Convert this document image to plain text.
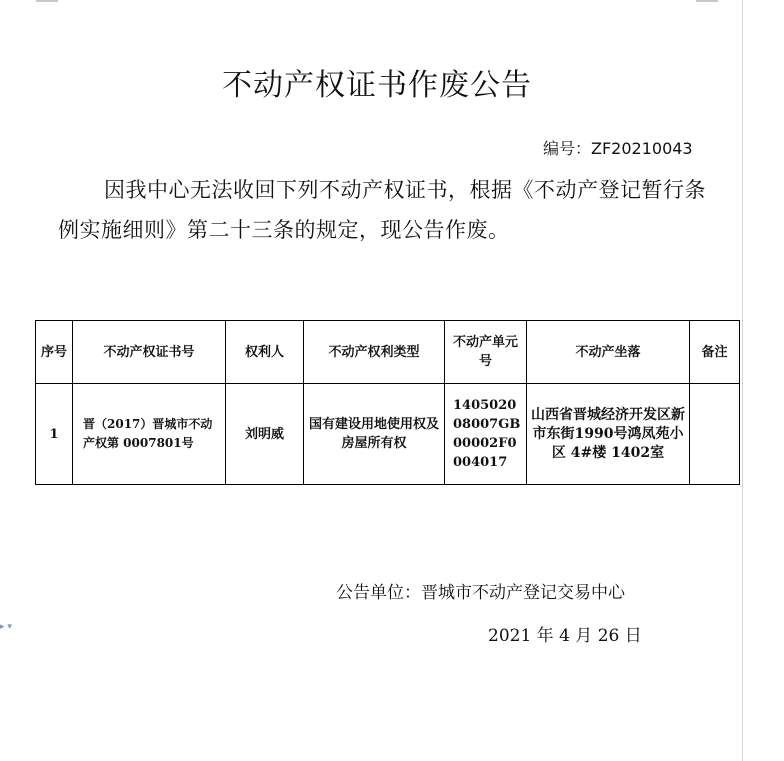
▸ ▾
不动产权证书作废公告
编号：ZF20210043

因我中心无法收回下列不动产权证书，根据《不动产登记暂行条例实施细则》第二十三条的规定，现公告作废。

序号	不动产权证书号	权利人	不动产权利类型	不动产单元号	不动产坐落	备注
1	晋（2017）晋城市不动产权第 0007801号	刘明威	国有建设用地使用权及房屋所有权	140502008007GB00002F0004017	山西省晋城经济开发区新市东街1990号鸿凤苑小区 4#楼 1402室	
公告单位：晋城市不动产登记交易中心
2021 年 4 月 26 日
